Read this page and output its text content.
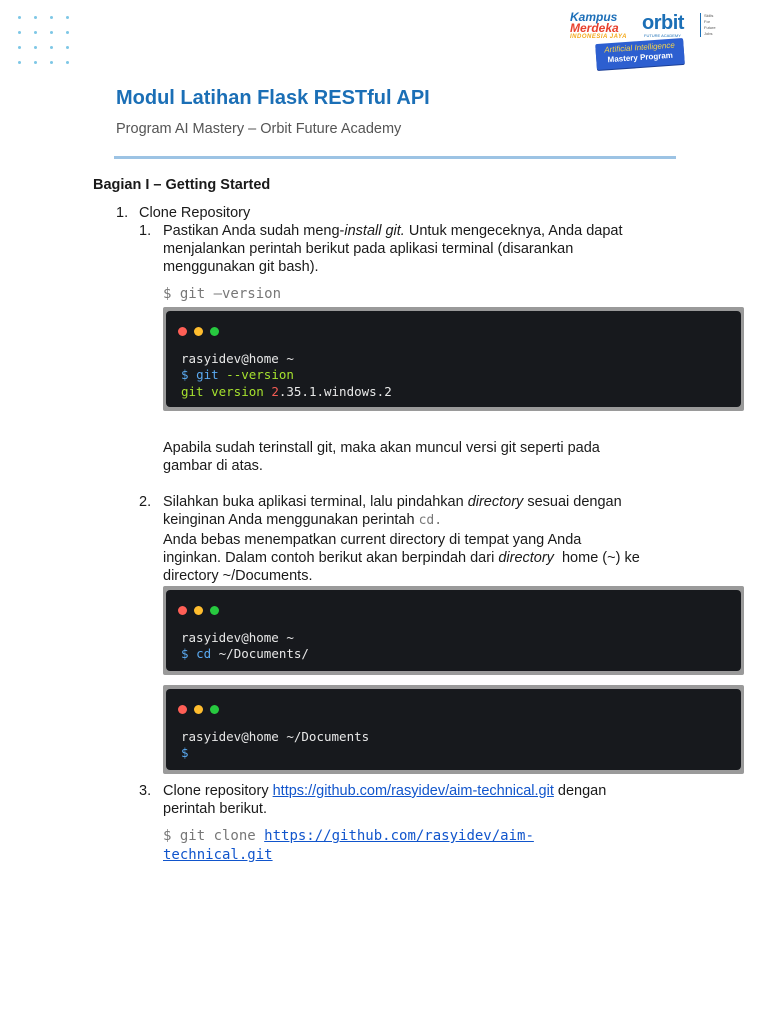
Kampus
Merdeka
INDONESIA JAYA
orbit
FUTURE ACADEMY
Skills
For
Future
Jobs
Artificial Intelligence
Mastery Program
Modul Latihan Flask RESTful API
Program AI Mastery – Orbit Future Academy
Bagian I – Getting Started
1. Clone Repository
1. Pastikan Anda sudah meng-install git. Untuk mengeceknya, Anda dapat
menjalankan perintah berikut pada aplikasi terminal (disarankan
menggunakan git bash).
$ git —version
rasyidev@home ~
$ git --version
git version 2.35.1.windows.2
Apabila sudah terinstall git, maka akan muncul versi git seperti pada
gambar di atas.
2. Silahkan buka aplikasi terminal, lalu pindahkan directory sesuai dengan
keinginan Anda menggunakan perintah cd.
Anda bebas menempatkan current directory di tempat yang Anda
inginkan. Dalam contoh berikut akan berpindah dari directory  home (~) ke
directory ~/Documents.
rasyidev@home ~
$ cd ~/Documents/
rasyidev@home ~/Documents
$
3. Clone repository https://github.com/rasyidev/aim-technical.git dengan
perintah berikut.
$ git clone https://github.com/rasyidev/aim-
technical.git
